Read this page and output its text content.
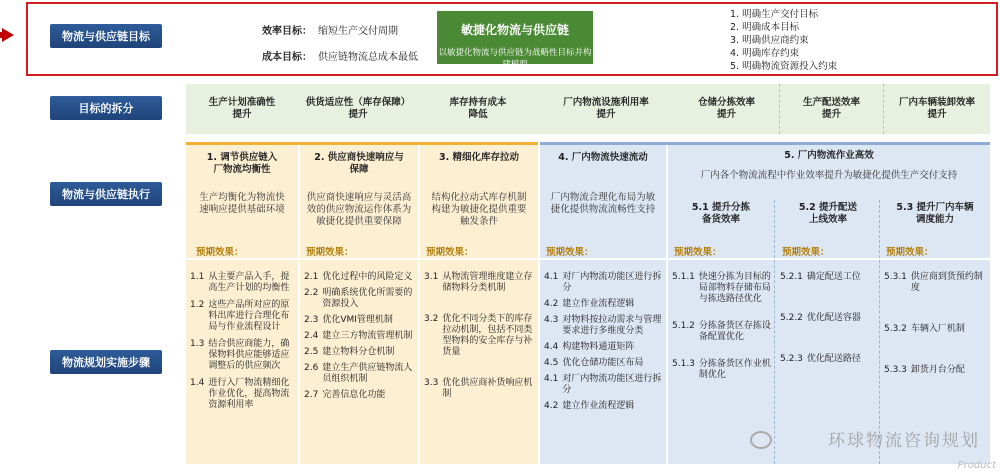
物流与供应链目标	效率目标： 缩短生产交付周期
成本目标： 供应链物流总成本最低
敏捷化物流与供应链
以敏捷化物流与供应链为战略性目标并构建模型
1. 明确生产交付目标
2. 明确成本目标
3. 明确供应商约束
4. 明确库存约束
5. 明确物流资源投入约束
目标的拆分	生产计划准确性
提升
供货适应性（库存保障）
提升
库存持有成本
降低
厂内物流设施利用率
提升
仓储分拣效率
提升
生产配送效率
提升
厂内车辆装卸效率
提升
物流与供应链执行
物流规划实施步骤
1. 调节供应链入
厂物流均衡性
生产均衡化为物流快
速响应提供基础环境
预期效果：
2. 供应商快速响应与
保障
供应商快速响应与灵活高
效的供应物流运作体系为
敏捷化提供重要保障
预期效果：
3. 精细化库存拉动
结构化拉动式库存机制
构建为敏捷化提供重要
触发条件
预期效果：
4. 厂内物流快速流动
厂内物流合理化布局为敏
捷化提供物流流畅性支持
预期效果：
5. 厂内物流作业高效
厂内各个物流流程中作业效率提升为敏捷化提供生产交付支持
5.1 提升分拣
备货效率
5.2 提升配送
上线效率
5.3 提升厂内车辆
调度能力
预期效果：	预期效果：	预期效果：
1.1 从主要产品入手，提高生产计划的均衡性
1.2 这些产品所对应的原料出库进行合理化布局与作业流程设计
1.3 结合供应商能力，确保物料供应能够适应调整后的供应频次
1.4 进行入厂物流精细化作业优化，提高物流资源利用率
2.1 优化过程中的风险定义
2.2 明确系统优化所需要的资源投入
2.3 优化VMI管理机制
2.4 建立三方物流管理机制
2.5 建立物料分仓机制
2.6 建立生产供应链物流人员组织机制
2.7 完善信息化功能
3.1 从物流管理维度建立存储物料分类机制
3.2 优化不同分类下的库存拉动机制，包括不同类型物料的安全库存与补货量
3.3 优化供应商补货响应机制
4.1 对厂内物流功能区进行拆分
4.2 建立作业流程逻辑
4.3 对物料按拉动需求与管理要求进行多维度分类
4.4 构建物料通道矩阵
4.5 优化仓储功能区布局
4.1 对厂内物流功能区进行拆分
4.2 建立作业流程逻辑
5.1.1 快速分拣为目标的局部物料存储布局与拣选路径优化
5.1.2 分拣备货区存拣设备配置优化
5.1.3 分拣备货区作业机制优化
5.2.1 确定配送工位
5.2.2 优化配送容器
5.2.3 优化配送路径
5.3.1 供应商到货预约制度
5.3.2 车辆入厂机制
5.3.3 卸货月台分配
环球物流咨询规划
Product
